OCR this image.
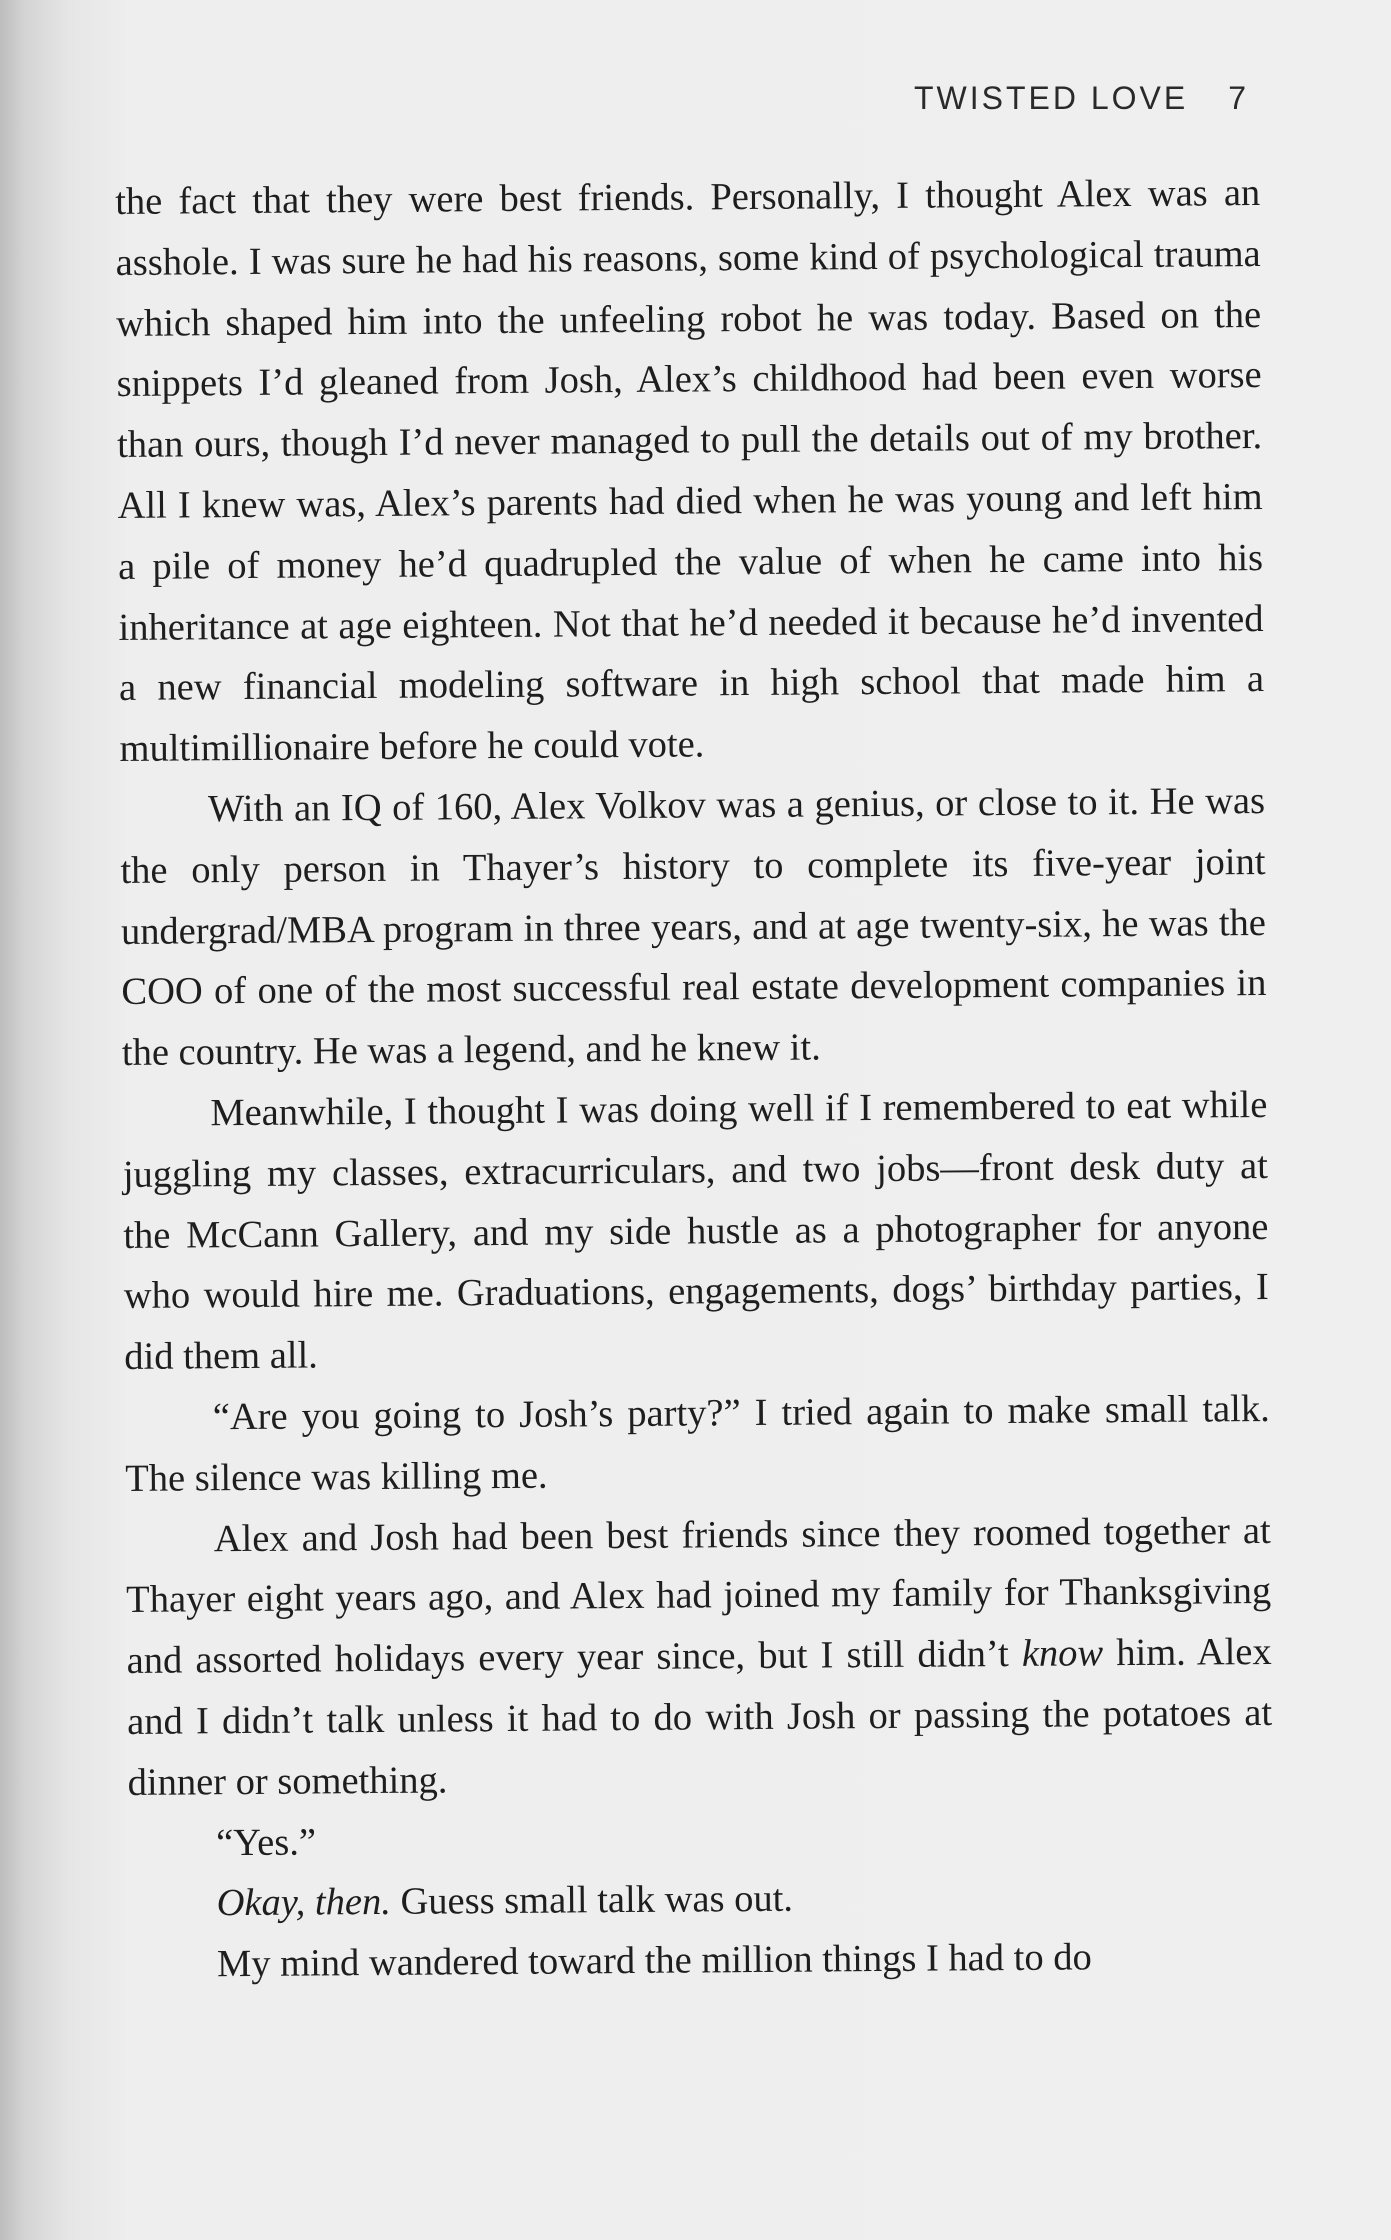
TWISTED LOVE 7

the fact that they were best friends. Personally, I thought Alex was an asshole. I was sure he had his reasons, some kind of psychological trauma which shaped him into the unfeeling robot he was today. Based on the snippets I’d gleaned from Josh, Alex’s childhood had been even worse than ours, though I’d never managed to pull the details out of my brother. All I knew was, Alex’s parents had died when he was young and left him a pile of money he’d quadrupled the value of when he came into his inheritance at age eighteen. Not that he’d needed it because he’d invented a new financial modeling software in high school that made him a multimillionaire before he could vote.

With an IQ of 160, Alex Volkov was a genius, or close to it. He was the only person in Thayer’s history to complete its five-year joint undergrad/MBA program in three years, and at age twenty-six, he was the COO of one of the most successful real estate development companies in the country. He was a legend, and he knew it.

Meanwhile, I thought I was doing well if I remembered to eat while juggling my classes, extracurriculars, and two jobs—front desk duty at the McCann Gallery, and my side hustle as a photographer for anyone who would hire me. Graduations, engagements, dogs’ birthday parties, I did them all.

“Are you going to Josh’s party?” I tried again to make small talk. The silence was killing me.

Alex and Josh had been best friends since they roomed together at Thayer eight years ago, and Alex had joined my family for Thanksgiving and assorted holidays every year since, but I still didn’t know him. Alex and I didn’t talk unless it had to do with Josh or passing the potatoes at dinner or something.

“Yes.”

Okay, then. Guess small talk was out.

My mind wandered toward the million things I had to do
